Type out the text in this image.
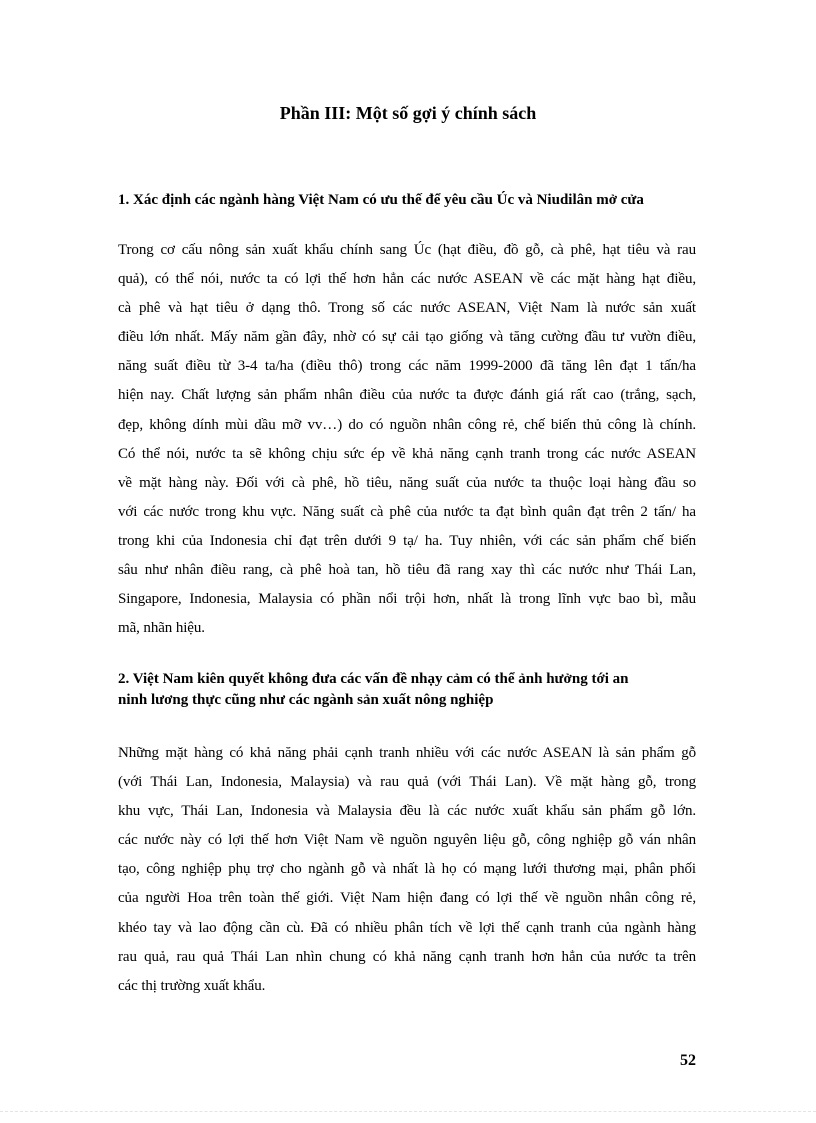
Phần III: Một số gợi ý chính sách
1. Xác định các ngành hàng Việt Nam có ưu thế để yêu cầu Úc và Niudilân mở cửa
Trong cơ cấu nông sản xuất khẩu chính sang Úc (hạt điều, đồ gỗ, cà phê, hạt tiêu và rau
quả), có thể nói, nước ta có lợi thế hơn hẳn các nước ASEAN về các mặt hàng hạt điều,
cà phê và hạt tiêu ở dạng thô. Trong số các nước ASEAN, Việt Nam là nước sản xuất
điều lớn nhất. Mấy năm gần đây, nhờ có sự cải tạo giống và tăng cường đầu tư vườn điều,
năng suất điều từ 3-4 ta/ha (điều thô) trong các năm 1999-2000 đã tăng lên đạt 1 tấn/ha
hiện nay. Chất lượng sản phẩm nhân điều của nước ta được đánh giá rất cao (trắng, sạch,
đẹp, không dính mùi dầu mỡ vv…) do có nguồn nhân công rẻ, chế biến thủ công là chính.
Có thể nói, nước ta sẽ không chịu sức ép về khả năng cạnh tranh trong các nước ASEAN
về mặt hàng này. Đối với cà phê, hồ tiêu, năng suất của nước ta thuộc loại hàng đầu so
với các nước trong khu vực. Năng suất cà phê của nước ta đạt bình quân đạt trên 2 tấn/ ha
trong khi của Indonesia chỉ đạt trên dưới 9 tạ/ ha. Tuy nhiên, với các sản phẩm chế biến
sâu như nhân điều rang, cà phê hoà tan, hồ tiêu đã rang xay thì các nước như Thái Lan,
Singapore, Indonesia, Malaysia có phần nổi trội hơn, nhất là trong lĩnh vực bao bì, mẫu
mã, nhãn hiệu.
2. Việt Nam kiên quyết không đưa các vấn đề nhạy cảm có thể ảnh hưởng tới an
ninh lương thực cũng như các ngành sản xuất nông nghiệp
Những mặt hàng có khả năng phải cạnh tranh nhiều với các nước ASEAN là sản phẩm gỗ
(với Thái Lan, Indonesia, Malaysia) và rau quả (với Thái Lan). Về mặt hàng gỗ, trong
khu vực, Thái Lan, Indonesia và Malaysia đều là các nước xuất khẩu sản phẩm gỗ lớn.
các nước này có lợi thế hơn Việt Nam về nguồn nguyên liệu gỗ, công nghiệp gỗ ván nhân
tạo, công nghiệp phụ trợ cho ngành gỗ và nhất là họ có mạng lưới thương mại, phân phối
của người Hoa trên toàn thế giới. Việt Nam hiện đang có lợi thế về nguồn nhân công rẻ,
khéo tay và lao động cần cù. Đã có nhiều phân tích về lợi thế cạnh tranh của ngành hàng
rau quả, rau quả Thái Lan nhìn chung có khả năng cạnh tranh hơn hẳn của nước ta trên
các thị trường xuất khẩu.
52
